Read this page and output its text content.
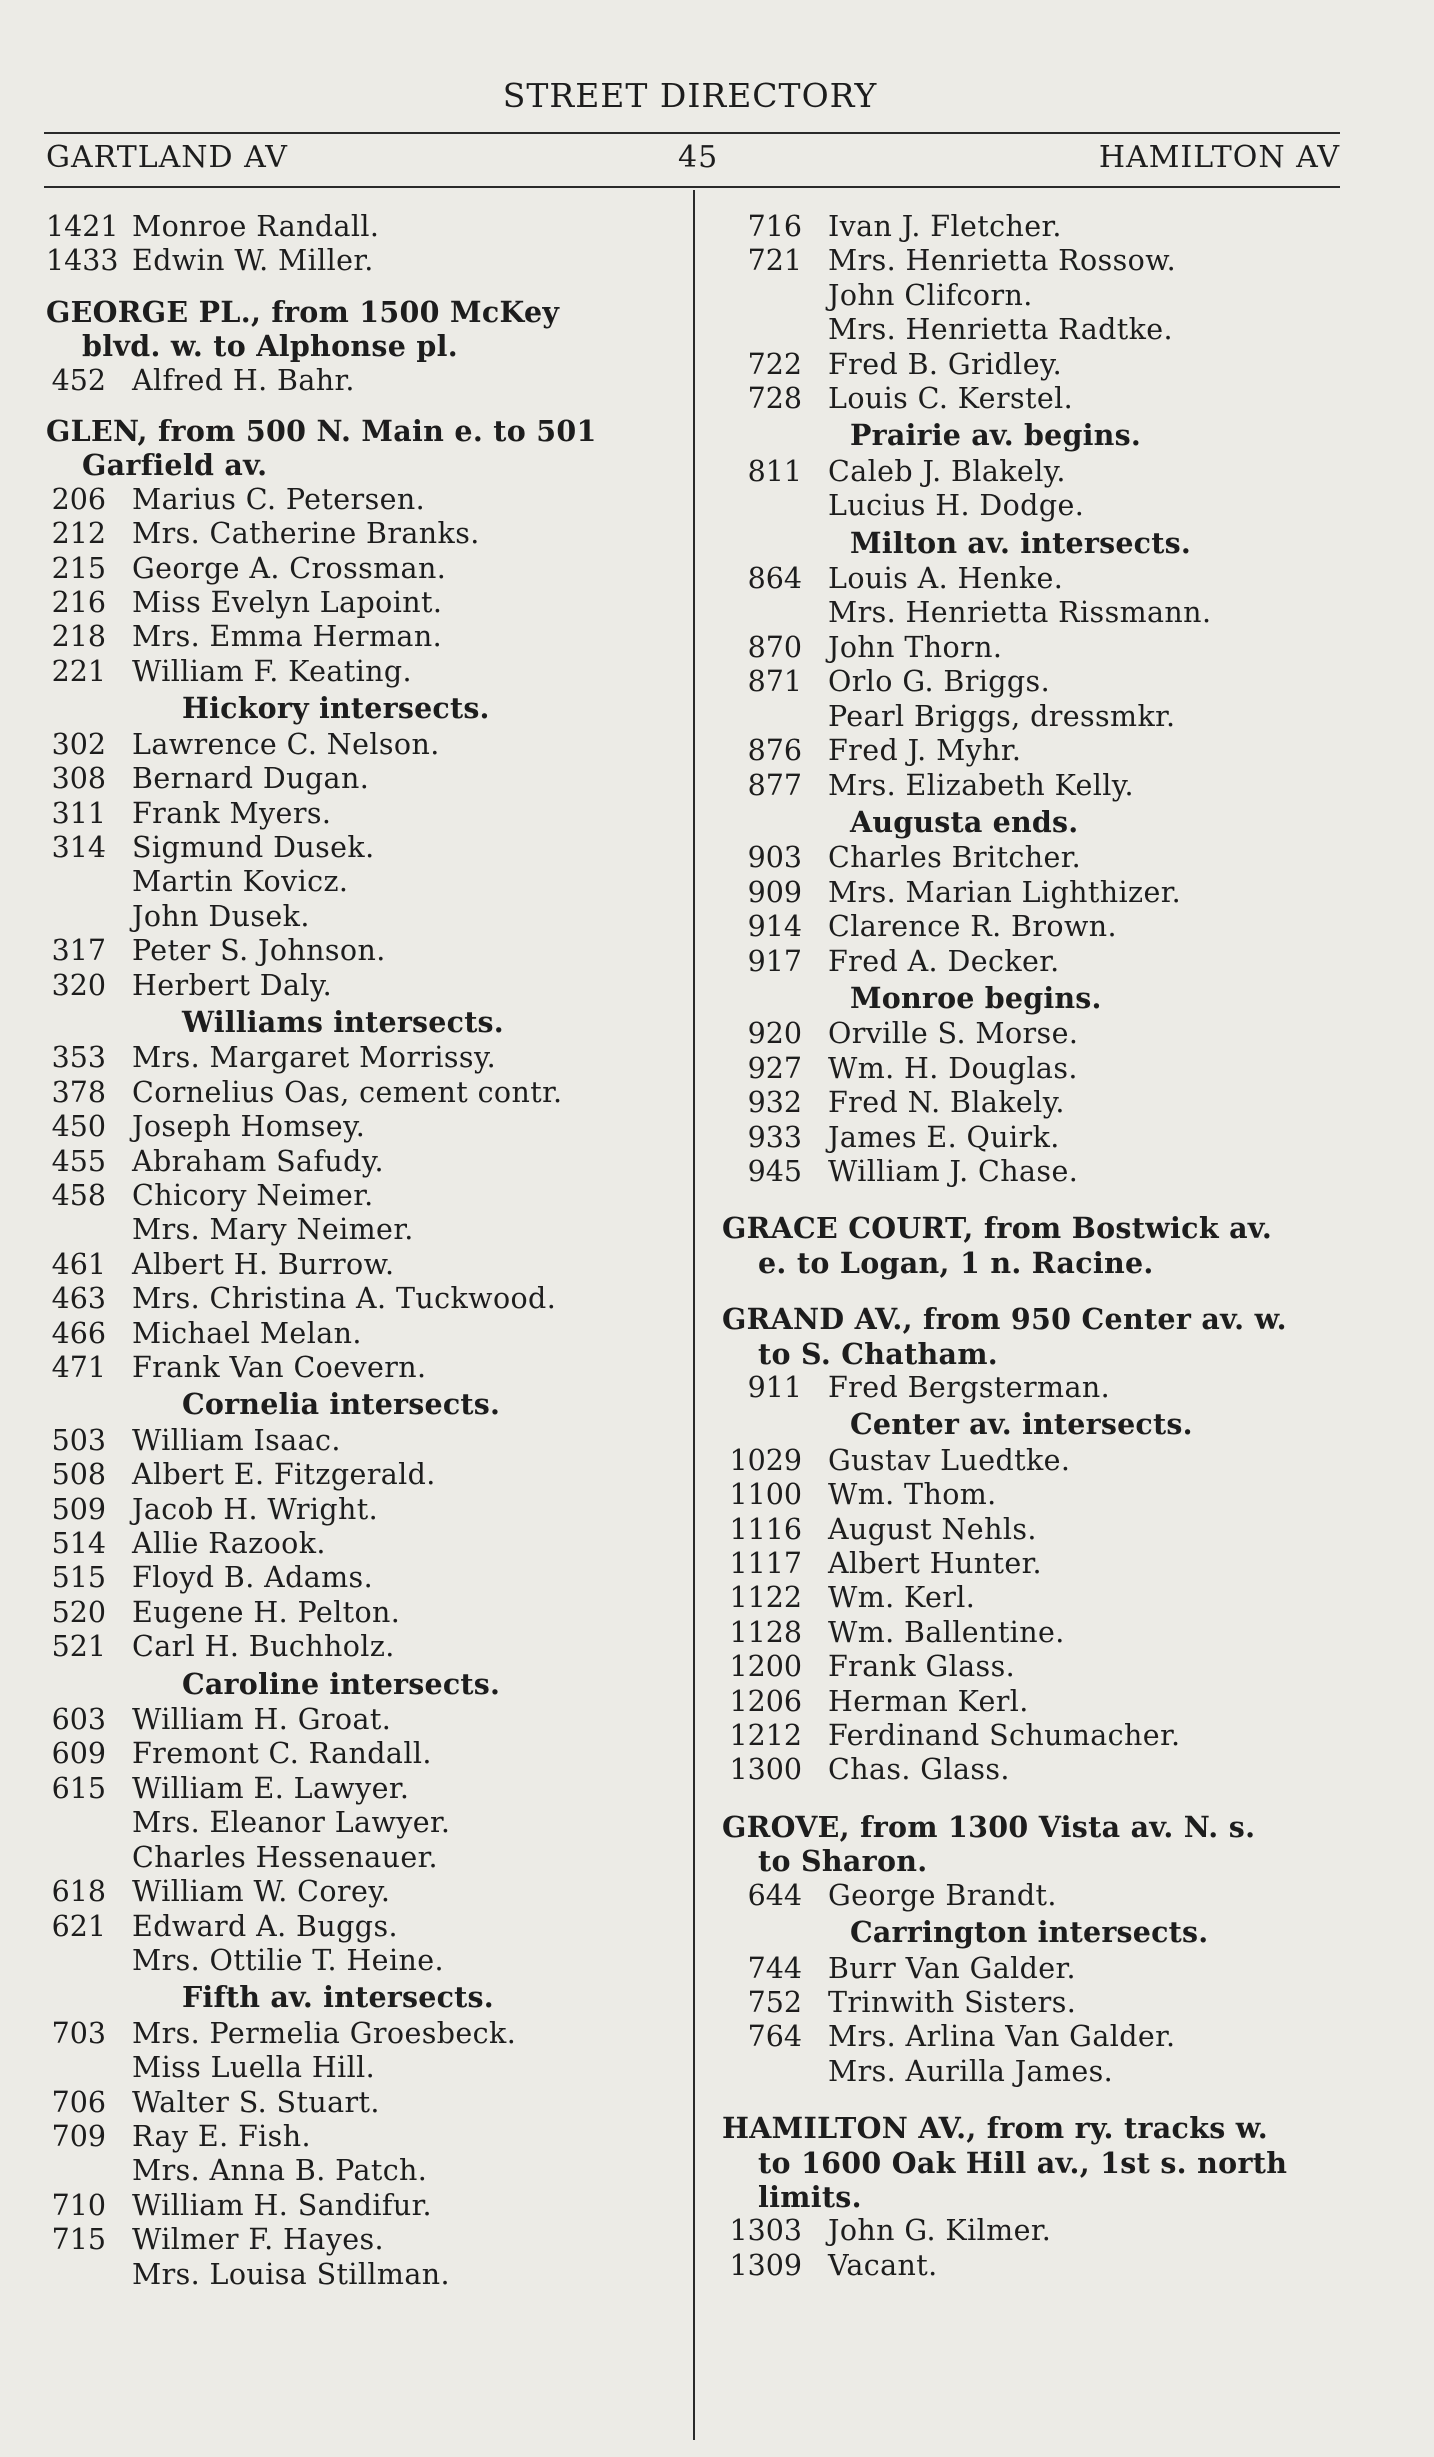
STREET DIRECTORY
GARTLAND AV	45	HAMILTON AV
1421 Monroe Randall.
1433 Edwin W. Miller.
GEORGE PL., from 1500 McKey
blvd. w. to Alphonse pl.
452 Alfred H. Bahr.
GLEN, from 500 N. Main e. to 501
Garfield av.
206 Marius C. Petersen.
212 Mrs. Catherine Branks.
215 George A. Crossman.
216 Miss Evelyn Lapoint.
218 Mrs. Emma Herman.
221 William F. Keating.
Hickory intersects.
302 Lawrence C. Nelson.
308 Bernard Dugan.
311 Frank Myers.
314 Sigmund Dusek.
Martin Kovicz.
John Dusek.
317 Peter S. Johnson.
320 Herbert Daly.
Williams intersects.
353 Mrs. Margaret Morrissy.
378 Cornelius Oas, cement contr.
450 Joseph Homsey.
455 Abraham Safudy.
458 Chicory Neimer.
Mrs. Mary Neimer.
461 Albert H. Burrow.
463 Mrs. Christina A. Tuckwood.
466 Michael Melan.
471 Frank Van Coevern.
Cornelia intersects.
503 William Isaac.
508 Albert E. Fitzgerald.
509 Jacob H. Wright.
514 Allie Razook.
515 Floyd B. Adams.
520 Eugene H. Pelton.
521 Carl H. Buchholz.
Caroline intersects.
603 William H. Groat.
609 Fremont C. Randall.
615 William E. Lawyer.
Mrs. Eleanor Lawyer.
Charles Hessenauer.
618 William W. Corey.
621 Edward A. Buggs.
Mrs. Ottilie T. Heine.
Fifth av. intersects.
703 Mrs. Permelia Groesbeck.
Miss Luella Hill.
706 Walter S. Stuart.
709 Ray E. Fish.
Mrs. Anna B. Patch.
710 William H. Sandifur.
715 Wilmer F. Hayes.
Mrs. Louisa Stillman.
716 Ivan J. Fletcher.
721 Mrs. Henrietta Rossow.
John Clifcorn.
Mrs. Henrietta Radtke.
722 Fred B. Gridley.
728 Louis C. Kerstel.
Prairie av. begins.
811 Caleb J. Blakely.
Lucius H. Dodge.
Milton av. intersects.
864 Louis A. Henke.
Mrs. Henrietta Rissmann.
870 John Thorn.
871 Orlo G. Briggs.
Pearl Briggs, dressmkr.
876 Fred J. Myhr.
877 Mrs. Elizabeth Kelly.
Augusta ends.
903 Charles Britcher.
909 Mrs. Marian Lighthizer.
914 Clarence R. Brown.
917 Fred A. Decker.
Monroe begins.
920 Orville S. Morse.
927 Wm. H. Douglas.
932 Fred N. Blakely.
933 James E. Quirk.
945 William J. Chase.
GRACE COURT, from Bostwick av.
e. to Logan, 1 n. Racine.
GRAND AV., from 950 Center av. w.
to S. Chatham.
911 Fred Bergsterman.
Center av. intersects.
1029 Gustav Luedtke.
1100 Wm. Thom.
1116 August Nehls.
1117 Albert Hunter.
1122 Wm. Kerl.
1128 Wm. Ballentine.
1200 Frank Glass.
1206 Herman Kerl.
1212 Ferdinand Schumacher.
1300 Chas. Glass.
GROVE, from 1300 Vista av. N. s.
to Sharon.
644 George Brandt.
Carrington intersects.
744 Burr Van Galder.
752 Trinwith Sisters.
764 Mrs. Arlina Van Galder.
Mrs. Aurilla James.
HAMILTON AV., from ry. tracks w.
to 1600 Oak Hill av., 1st s. north
limits.
1303 John G. Kilmer.
1309 Vacant.
